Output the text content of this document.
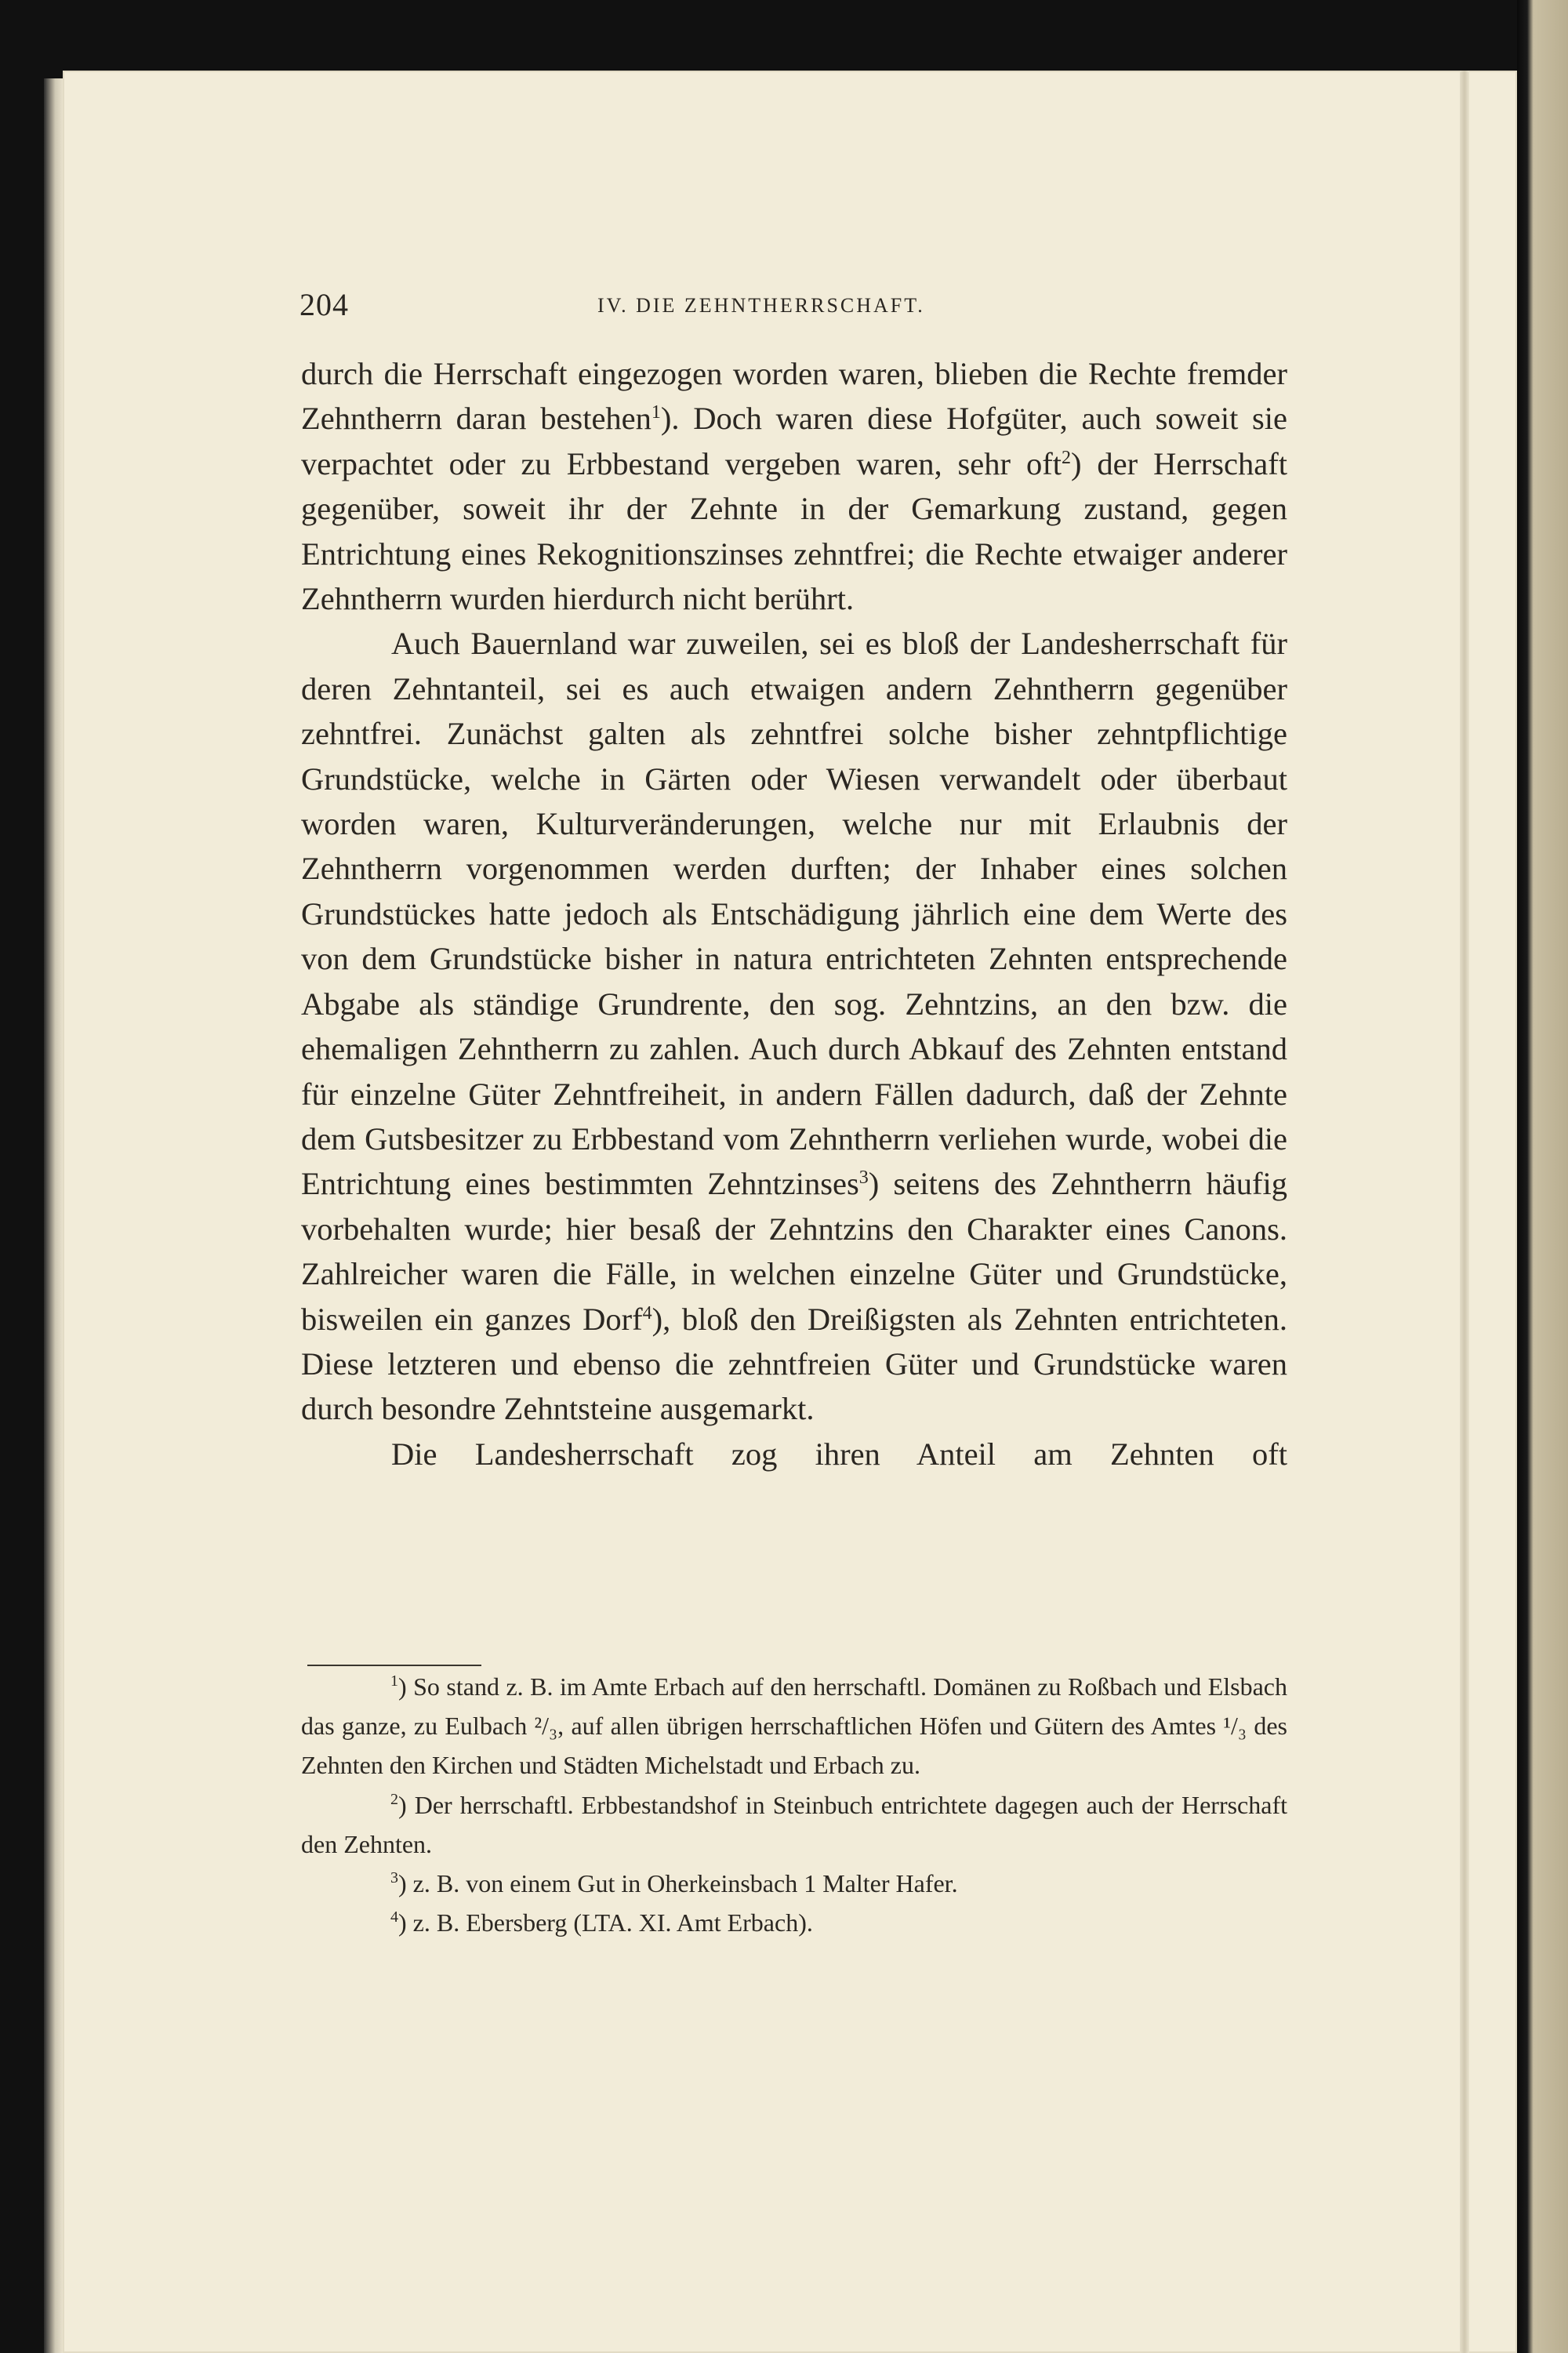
204	IV. DIE ZEHNTHERRSCHAFT.

durch die Herrschaft eingezogen worden waren, blieben die Rechte fremder Zehntherrn daran bestehen$^1$). Doch waren diese Hofgüter, auch soweit sie verpachtet oder zu Erbbestand vergeben waren, sehr oft$^2$) der Herrschaft gegenüber, soweit ihr der Zehnte in der Gemarkung zustand, gegen Entrichtung eines Rekognitionszinses zehntfrei; die Rechte etwaiger anderer Zehntherrn wurden hierdurch nicht berührt.

Auch Bauernland war zuweilen, sei es bloß der Landesherrschaft für deren Zehntanteil, sei es auch etwaigen andern Zehntherrn gegenüber zehntfrei. Zunächst galten als zehntfrei solche bisher zehntpflichtige Grundstücke, welche in Gärten oder Wiesen verwandelt oder überbaut worden waren, Kulturveränderungen, welche nur mit Erlaubnis der Zehntherrn vorgenommen werden durften; der Inhaber eines solchen Grundstückes hatte jedoch als Entschädigung jährlich eine dem Werte des von dem Grundstücke bisher in natura entrichteten Zehnten entsprechende Abgabe als ständige Grundrente, den sog. Zehntzins, an den bzw. die ehemaligen Zehntherrn zu zahlen. Auch durch Abkauf des Zehnten entstand für einzelne Güter Zehntfreiheit, in andern Fällen dadurch, daß der Zehnte dem Gutsbesitzer zu Erbbestand vom Zehntherrn verliehen wurde, wobei die Entrichtung eines bestimmten Zehntzinses$^3$) seitens des Zehntherrn häufig vorbehalten wurde; hier besaß der Zehntzins den Charakter eines Canons. Zahlreicher waren die Fälle, in welchen einzelne Güter und Grundstücke, bisweilen ein ganzes Dorf$^4$), bloß den Dreißigsten als Zehnten entrichteten. Diese letzteren und ebenso die zehntfreien Güter und Grundstücke waren durch besondre Zehntsteine ausgemarkt.

Die Landesherrschaft zog ihren Anteil am Zehnten oft

$^1$) So stand z. B. im Amte Erbach auf den herrschaftl. Domänen zu Roßbach und Elsbach das ganze, zu Eulbach ²/₃, auf allen übrigen herrschaftlichen Höfen und Gütern des Amtes ¹/₃ des Zehnten den Kirchen und Städten Michelstadt und Erbach zu.

$^2$) Der herrschaftl. Erbbestandshof in Steinbuch entrichtete dagegen auch der Herrschaft den Zehnten.

$^3$) z. B. von einem Gut in Oherkeinsbach 1 Malter Hafer.

$^4$) z. B. Ebersberg (LTA. XI. Amt Erbach).
